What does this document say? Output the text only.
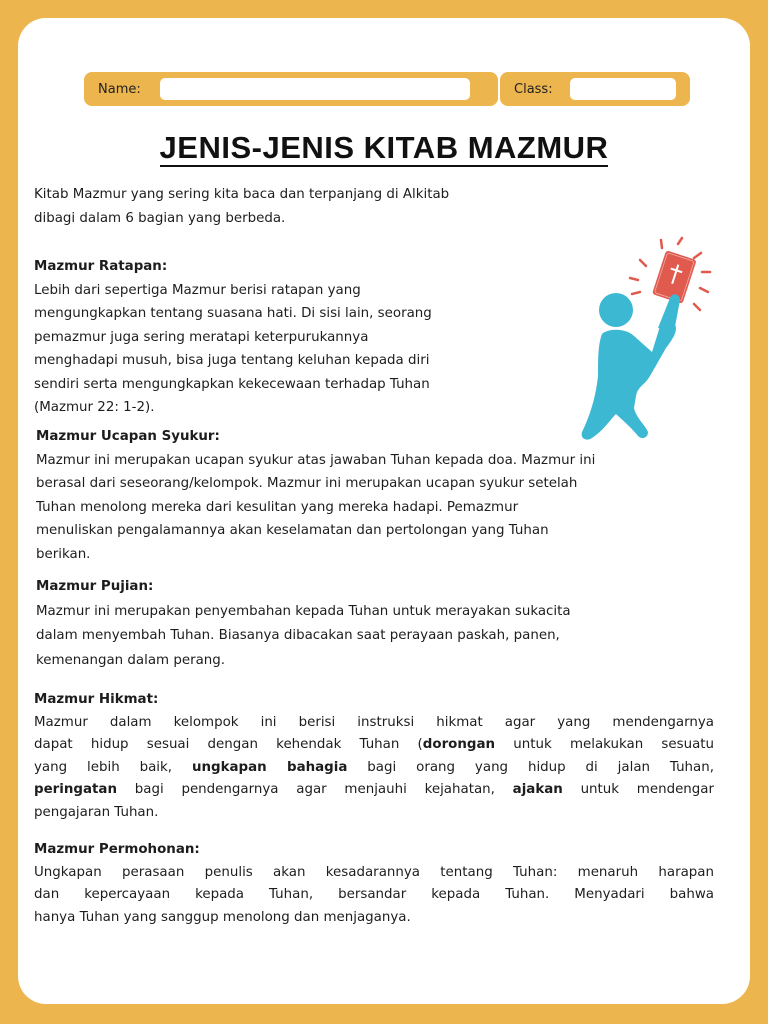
Name:	Class:
JENIS-JENIS KITAB MAZMUR
Kitab Mazmur yang sering kita baca dan terpanjang di Alkitab
dibagi dalam 6 bagian yang berbeda.
Mazmur Ratapan:
Lebih dari sepertiga Mazmur berisi ratapan yang
mengungkapkan tentang suasana hati. Di sisi lain, seorang
pemazmur juga sering meratapi keterpurukannya
menghadapi musuh, bisa juga tentang keluhan kepada diri
sendiri serta mengungkapkan kekecewaan terhadap Tuhan
(Mazmur 22: 1-2).
Mazmur Ucapan Syukur:
Mazmur ini merupakan ucapan syukur atas jawaban Tuhan kepada doa. Mazmur ini
berasal dari seseorang/kelompok. Mazmur ini merupakan ucapan syukur setelah
Tuhan menolong mereka dari kesulitan yang mereka hadapi. Pemazmur
menuliskan pengalamannya akan keselamatan dan pertolongan yang Tuhan
berikan.
Mazmur Pujian:
Mazmur ini merupakan penyembahan kepada Tuhan untuk merayakan sukacita
dalam menyembah Tuhan. Biasanya dibacakan saat perayaan paskah, panen,
kemenangan dalam perang.
Mazmur Hikmat:
Mazmur dalam kelompok ini berisi instruksi hikmat agar yang mendengarnya
dapat hidup sesuai dengan kehendak Tuhan (dorongan untuk melakukan sesuatu
yang lebih baik, ungkapan bahagia bagi orang yang hidup di jalan Tuhan,
peringatan bagi pendengarnya agar menjauhi kejahatan, ajakan untuk mendengar
pengajaran Tuhan.
Mazmur Permohonan:
Ungkapan perasaan penulis akan kesadarannya tentang Tuhan: menaruh harapan
dan kepercayaan kepada Tuhan, bersandar kepada Tuhan. Menyadari bahwa
hanya Tuhan yang sanggup menolong dan menjaganya.
